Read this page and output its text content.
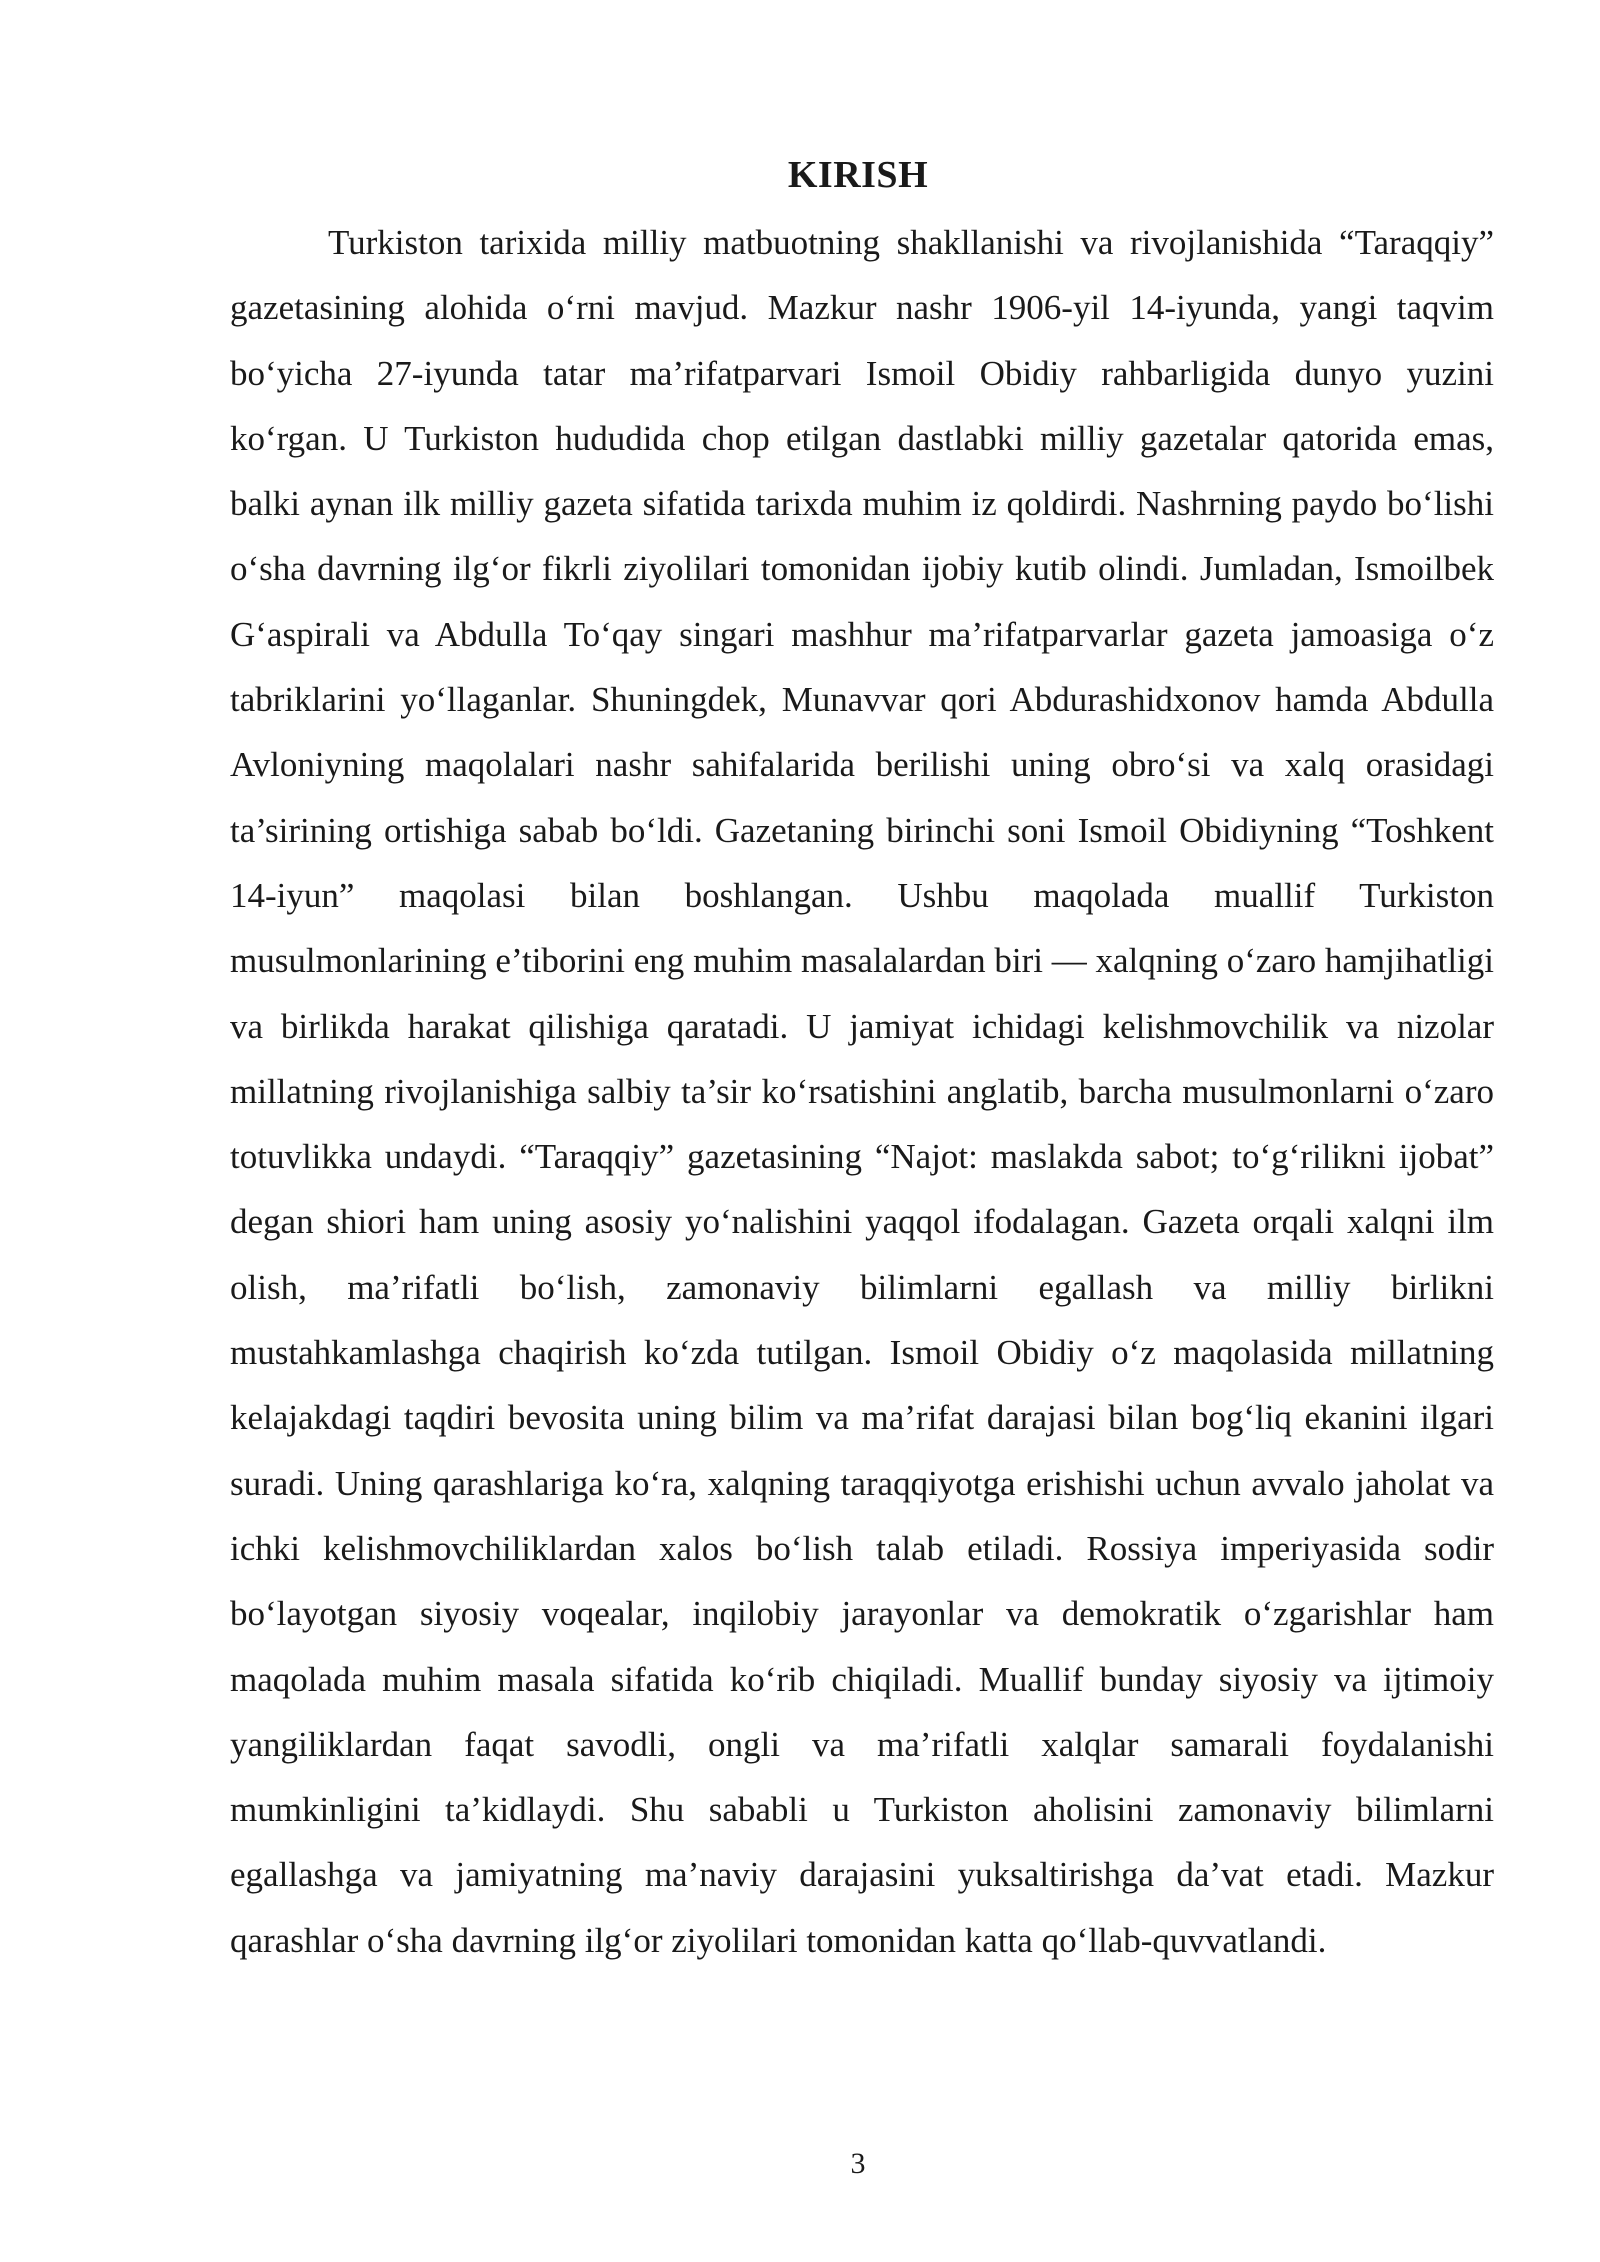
KIRISH

Turkiston tarixida milliy matbuotning shakllanishi va rivojlanishida “Taraqqiy” gazetasining alohida o‘rni mavjud. Mazkur nashr 1906-yil 14-iyunda, yangi taqvim bo‘yicha 27-iyunda tatar ma’rifatparvari Ismoil Obidiy rahbarligida dunyo yuzini ko‘rgan. U Turkiston hududida chop etilgan dastlabki milliy gazetalar qatorida emas, balki aynan ilk milliy gazeta sifatida tarixda muhim iz qoldirdi. Nashrning paydo bo‘lishi o‘sha davrning ilg‘or fikrli ziyolilari tomonidan ijobiy kutib olindi. Jumladan, Ismoilbek G‘aspirali va Abdulla To‘qay singari mashhur ma’rifatparvarlar gazeta jamoasiga o‘z tabriklarini yo‘llaganlar. Shuningdek, Munavvar qori Abdurashidxonov hamda Abdulla Avloniyning maqolalari nashr sahifalarida berilishi uning obro‘si va xalq orasidagi ta’sirining ortishiga sabab bo‘ldi. Gazetaning birinchi soni Ismoil Obidiyning “Toshkent 14-iyun” maqolasi bilan boshlangan. Ushbu maqolada muallif Turkiston musulmonlarining e’tiborini eng muhim masalalardan biri — xalqning o‘zaro hamjihatligi va birlikda harakat qilishiga qaratadi. U jamiyat ichidagi kelishmovchilik va nizolar millatning rivojlanishiga salbiy ta’sir ko‘rsatishini anglatib, barcha musulmonlarni o‘zaro totuvlikka undaydi. “Taraqqiy” gazetasining “Najot: maslakda sabot; to‘g‘rilikni ijobat” degan shiori ham uning asosiy yo‘nalishini yaqqol ifodalagan. Gazeta orqali xalqni ilm olish, ma’rifatli bo‘lish, zamonaviy bilimlarni egallash va milliy birlikni mustahkamlashga chaqirish ko‘zda tutilgan. Ismoil Obidiy o‘z maqolasida millatning kelajakdagi taqdiri bevosita uning bilim va ma’rifat darajasi bilan bog‘liq ekanini ilgari suradi. Uning qarashlariga ko‘ra, xalqning taraqqiyotga erishishi uchun avvalo jaholat va ichki kelishmovchiliklardan xalos bo‘lish talab etiladi. Rossiya imperiyasida sodir bo‘layotgan siyosiy voqealar, inqilobiy jarayonlar va demokratik o‘zgarishlar ham maqolada muhim masala sifatida ko‘rib chiqiladi. Muallif bunday siyosiy va ijtimoiy yangiliklardan faqat savodli, ongli va ma’rifatli xalqlar samarali foydalanishi mumkinligini ta’kidlaydi. Shu sababli u Turkiston aholisini zamonaviy bilimlarni egallashga va jamiyatning ma’naviy darajasini yuksaltirishga da’vat etadi. Mazkur qarashlar o‘sha davrning ilg‘or ziyolilari tomonidan katta qo‘llab-quvvatlandi.

3
